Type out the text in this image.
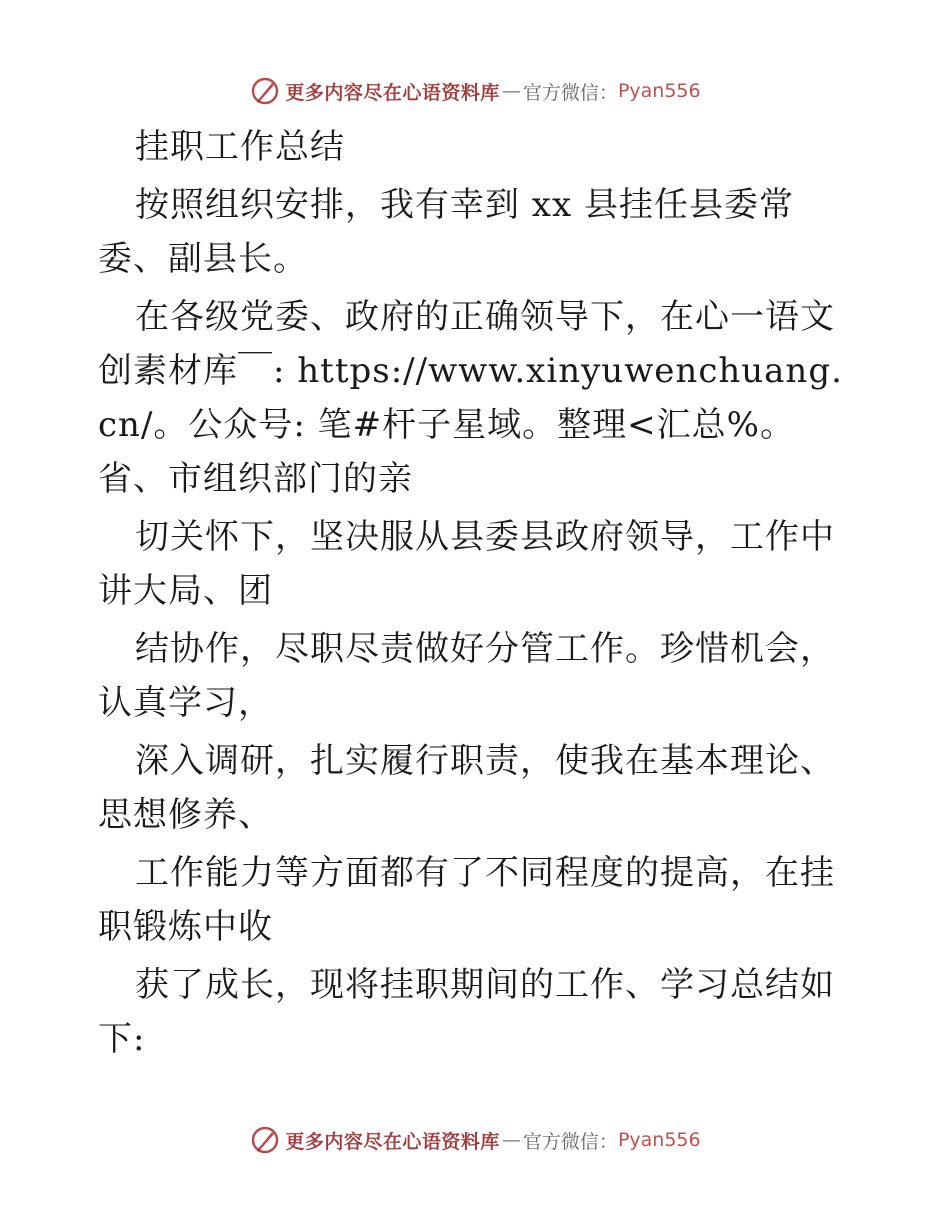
更多内容尽在心语资料库 — 官方微信： Pyan556

挂职工作总结

按照组织安排，我有幸到 xx 县挂任县委常委、副县长。

在各级党委、政府的正确领导下，在心一语文创素材库￣: https://www.xinyuwenchuang.cn/。公众号: 笔#杆子星域。整理<汇总%。省、市组织部门的亲

切关怀下，坚决服从县委县政府领导，工作中讲大局、团

结协作，尽职尽责做好分管工作。珍惜机会，认真学习，

深入调研，扎实履行职责，使我在基本理论、思想修养、

工作能力等方面都有了不同程度的提高，在挂职锻炼中收

获了成长，现将挂职期间的工作、学习总结如下:

更多内容尽在心语资料库 — 官方微信： Pyan556
